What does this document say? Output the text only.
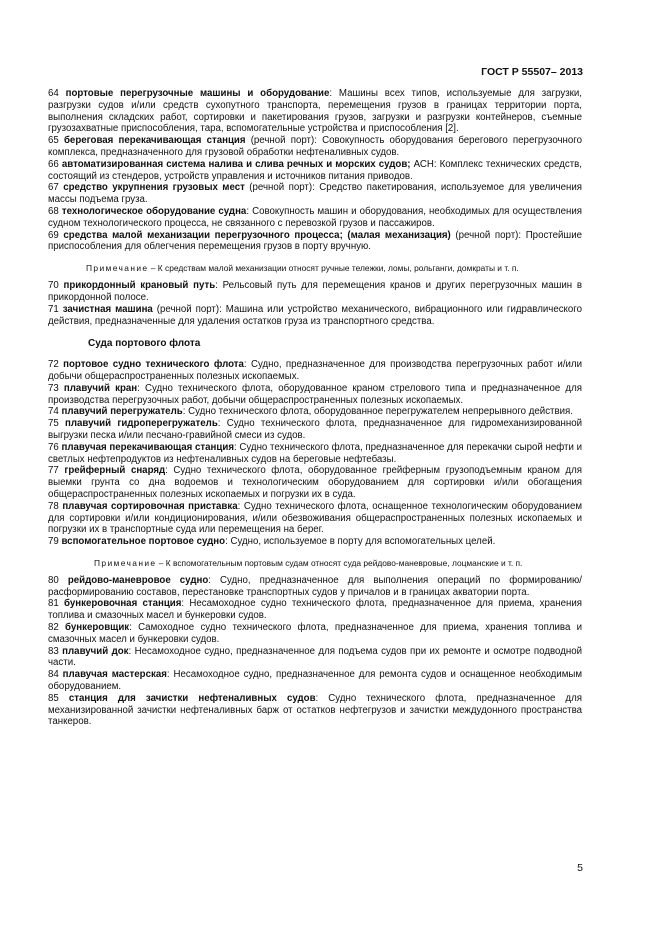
ГОСТ Р 55507– 2013

64 портовые перегрузочные машины и оборудование: Машины всех типов, используемые для загрузки, разгрузки судов и/или средств сухопутного транспорта, перемещения грузов в границах территории порта, выполнения складских работ, сортировки и пакетирования грузов, загрузки и разгрузки контейнеров, съемные грузозахватные приспособления, тара, вспомогательные устройства и приспособления [2].

65 береговая перекачивающая станция (речной порт): Совокупность оборудования берегового перегрузочного комплекса, предназначенного для грузовой обработки нефтеналивных судов.

66 автоматизированная система налива и слива речных и морских судов; АСН: Комплекс технических средств, состоящий из стендеров, устройств управления и источников питания приводов.

67 средство укрупнения грузовых мест (речной порт): Средство пакетирования, используемое для увеличения массы подъема груза.

68 технологическое оборудование судна: Совокупность машин и оборудования, необходимых для осуществления судном технологического процесса, не связанного с перевозкой грузов и пассажиров.

69 средства малой механизации перегрузочного процесса; (малая механизация) (речной порт): Простейшие приспособления для облегчения перемещения грузов в порту вручную.

Примечание – К средствам малой механизации относят ручные тележки, ломы, рольганги, домкраты и т. п.

70 прикордонный крановый путь: Рельсовый путь для перемещения кранов и других перегрузочных машин в прикордонной полосе.

71 зачистная машина (речной порт): Машина или устройство механического, вибрационного или гидравлического действия, предназначенные для удаления остатков груза из транспортного средства.

Суда портового флота

72 портовое судно технического флота: Судно, предназначенное для производства перегрузочных работ и/или добычи общераспространенных полезных ископаемых.

73 плавучий кран: Судно технического флота, оборудованное краном стрелового типа и предназначенное для производства перегрузочных работ, добычи общераспространенных полезных ископаемых.

74 плавучий перегружатель: Судно технического флота, оборудованное перегружателем непрерывного действия.

75 плавучий гидроперегружатель: Судно технического флота, предназначенное для гидромеханизированной выгрузки песка и/или песчано-гравийной смеси из судов.

76 плавучая перекачивающая станция: Судно технического флота, предназначенное для перекачки сырой нефти и светлых нефтепродуктов из нефтеналивных судов на береговые нефтебазы.

77 грейферный снаряд: Судно технического флота, оборудованное грейферным грузоподъемным краном для выемки грунта со дна водоемов и технологическим оборудованием для сортировки и/или обогащения общераспространенных полезных ископаемых и погрузки их в суда.

78 плавучая сортировочная приставка: Судно технического флота, оснащенное технологическим оборудованием для сортировки и/или кондиционирования, и/или обезвоживания общераспространенных полезных ископаемых и погрузки их в транспортные суда или перемещения на берег.

79 вспомогательное портовое судно: Судно, используемое в порту для вспомогательных целей.

Примечание – К вспомогательным портовым судам относят суда рейдово-маневровые, лоцманские и т. п.

80 рейдово-маневровое судно: Судно, предназначенное для выполнения операций по формированию/расформированию составов, перестановке транспортных судов у причалов и в границах акватории порта.

81 бункеровочная станция: Несамоходное судно технического флота, предназначенное для приема, хранения топлива и смазочных масел и бункеровки судов.

82 бункеровщик: Самоходное судно технического флота, предназначенное для приема, хранения топлива и смазочных масел и бункеровки судов.

83 плавучий док: Несамоходное судно, предназначенное для подъема судов при их ремонте и осмотре подводной части.

84 плавучая мастерская: Несамоходное судно, предназначенное для ремонта судов и оснащенное необходимым оборудованием.

85 станция для зачистки нефтеналивных судов: Судно технического флота, предназначенное для механизированной зачистки нефтеналивных барж от остатков нефтегрузов и зачистки междудонного пространства танкеров.

5
